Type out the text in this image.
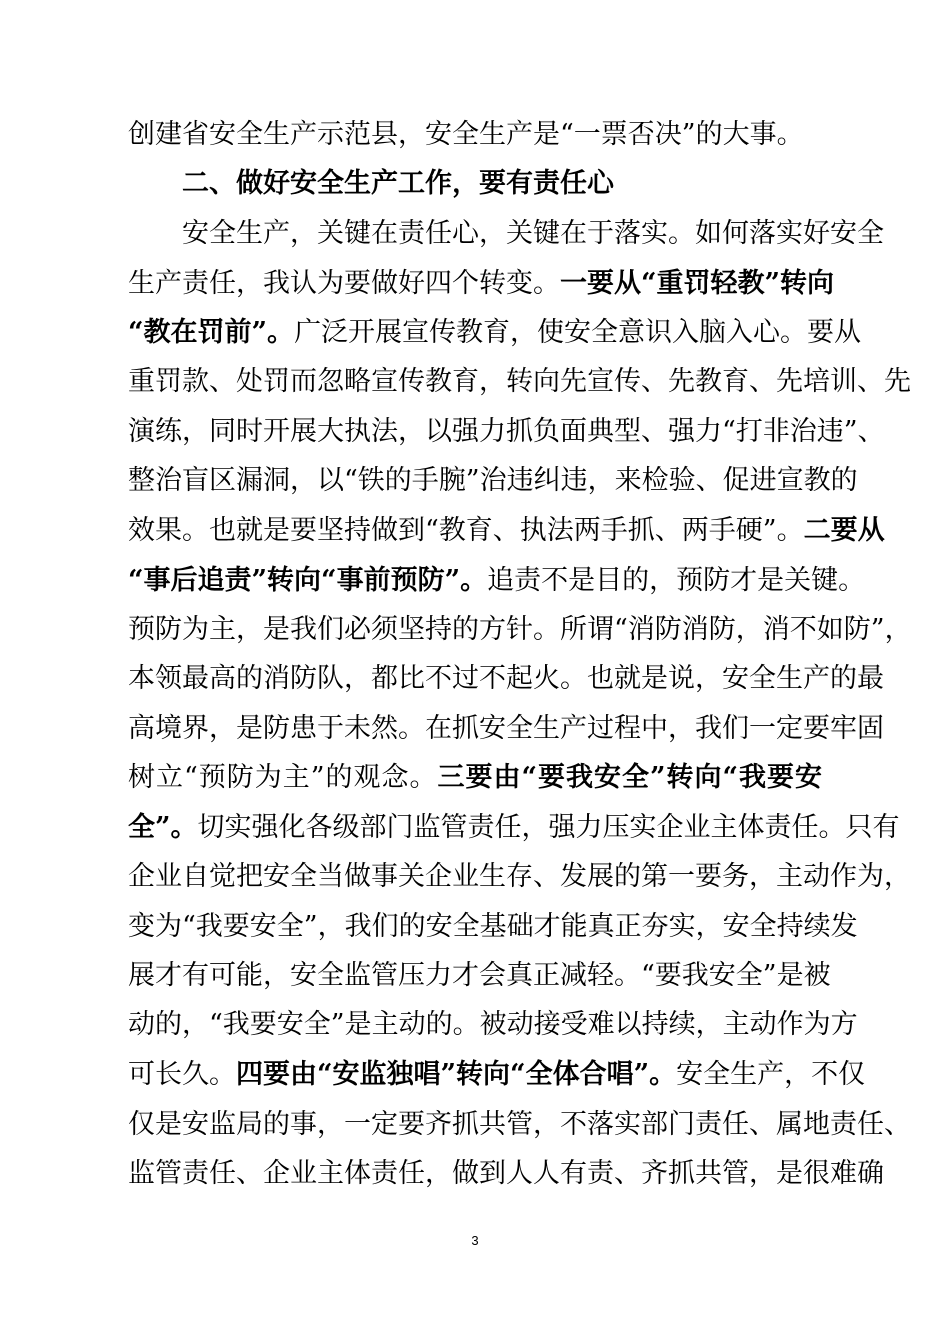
创建省安全生产示范县，安全生产是“一票否决”的大事。
二、做好安全生产工作，要有责任心
安全生产，关键在责任心，关键在于落实。如何落实好安全
生产责任，我认为要做好四个转变。一要从“重罚轻教”转向
“教在罚前”。广泛开展宣传教育，使安全意识入脑入心。要从
重罚款、处罚而忽略宣传教育，转向先宣传、先教育、先培训、先
演练，同时开展大执法，以强力抓负面典型、强力“打非治违”、
整治盲区漏洞，以“铁的手腕”治违纠违，来检验、促进宣教的
效果。也就是要坚持做到“教育、执法两手抓、两手硬”。二要从
“事后追责”转向“事前预防”。追责不是目的，预防才是关键。
预防为主，是我们必须坚持的方针。所谓“消防消防，消不如防”，
本领最高的消防队，都比不过不起火。也就是说，安全生产的最
高境界，是防患于未然。在抓安全生产过程中，我们一定要牢固
树立“预防为主”的观念。三要由“要我安全”转向“我要安
全”。切实强化各级部门监管责任，强力压实企业主体责任。只有
企业自觉把安全当做事关企业生存、发展的第一要务，主动作为，
变为“我要安全”，我们的安全基础才能真正夯实，安全持续发
展才有可能，安全监管压力才会真正减轻。“要我安全”是被
动的，“我要安全”是主动的。被动接受难以持续，主动作为方
可长久。四要由“安监独唱”转向“全体合唱”。安全生产，不仅
仅是安监局的事，一定要齐抓共管，不落实部门责任、属地责任、
监管责任、企业主体责任，做到人人有责、齐抓共管，是很难确
3
